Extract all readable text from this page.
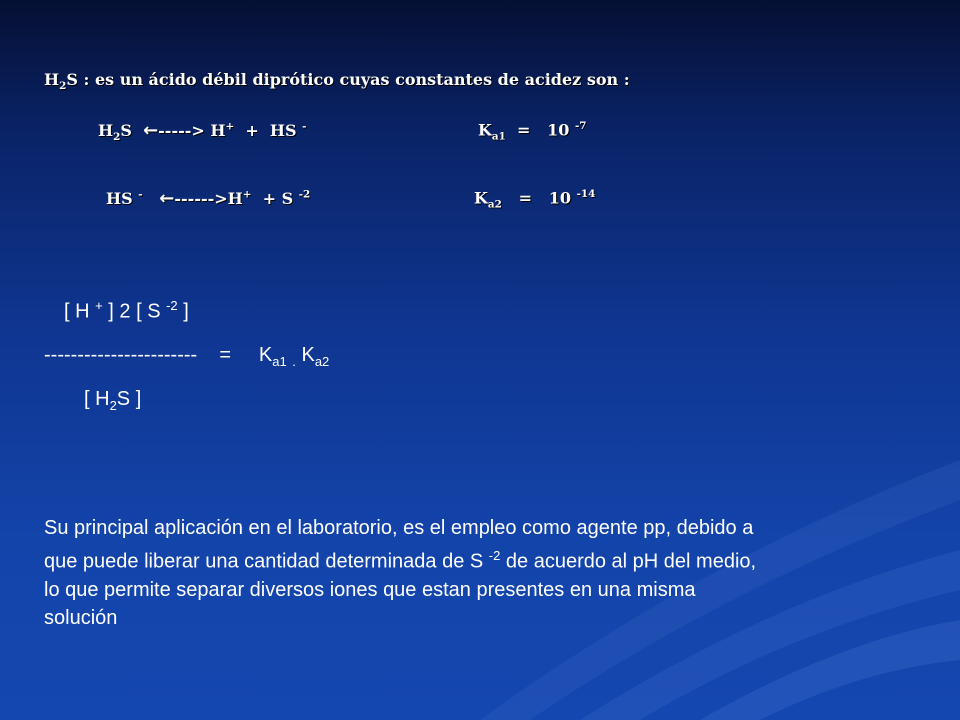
$H_2S$ : es un ácido débil diprótico cuyas constantes de acidez son :
$H_2S$ ←-----> H+  +  HS -	$K_{a1} = 10$ $^{-7}$
HS - ←------>H+  + S $^{-2}$	$K_{a2} = 10$ $^{-14}$
[ H + ] 2 [ S $^{-2}$ ]
----------------------- = $K_{a1}$ $_.$ $K_{a2}$
[ $H_2S$ ]
Su principal aplicación en el laboratorio, es el empleo como agente pp, debido a
que puede liberar una cantidad determinada de S $^{-2}$ de acuerdo al pH del medio,
lo que permite separar diversos iones que estan presentes en una misma
solución
